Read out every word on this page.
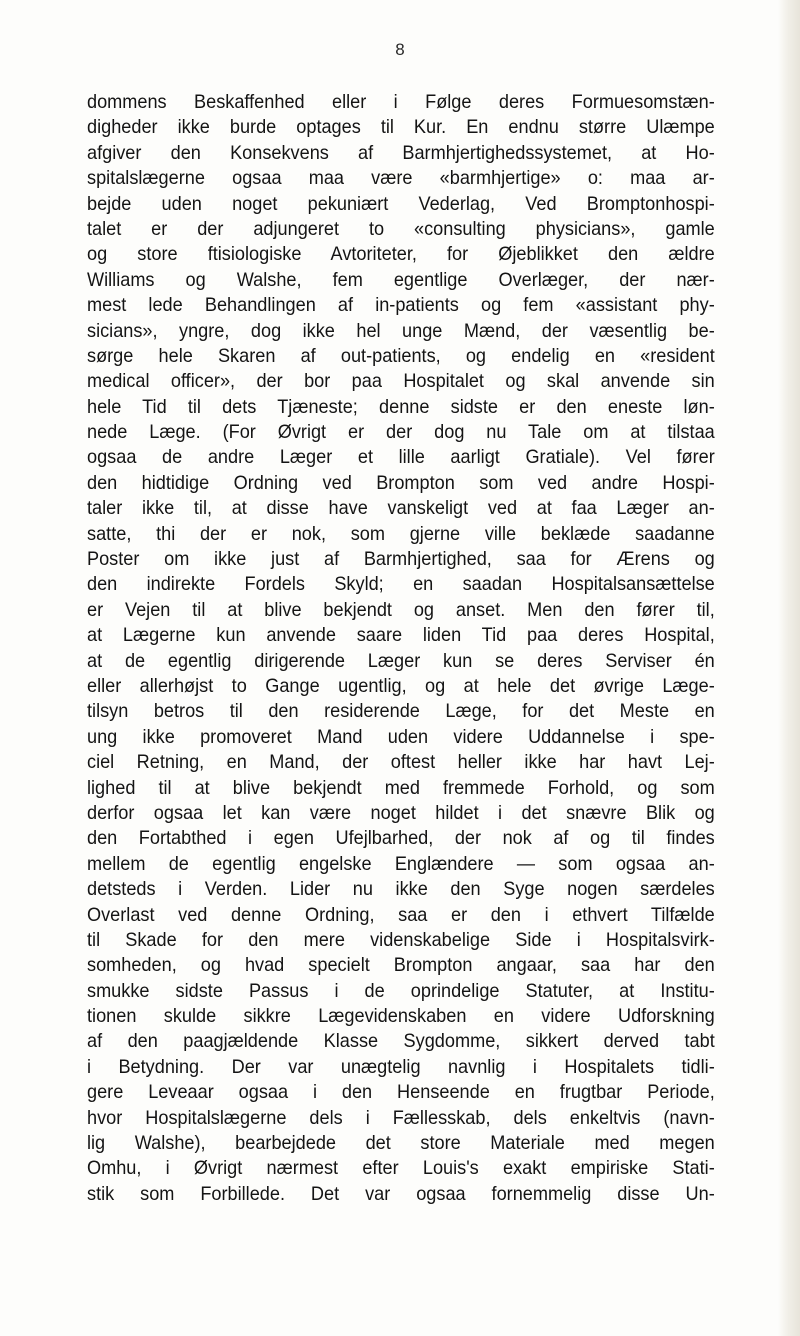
8
dommens Beskaffenhed eller i Følge deres Formuesomstæn-
digheder ikke burde optages til Kur. En endnu større Ulæmpe
afgiver den Konsekvens af Barmhjertighedssystemet, at Ho-
spitalslægerne ogsaa maa være «barmhjertige» o: maa ar-
bejde uden noget pekuniært Vederlag, Ved Bromptonhospi-
talet er der adjungeret to «consulting physicians», gamle
og store ftisiologiske Avtoriteter, for Øjeblikket den ældre
Williams og Walshe, fem egentlige Overlæger, der nær-
mest lede Behandlingen af in-patients og fem «assistant phy-
sicians», yngre, dog ikke hel unge Mænd, der væsentlig be-
sørge hele Skaren af out-patients, og endelig en «resident
medical officer», der bor paa Hospitalet og skal anvende sin
hele Tid til dets Tjæneste; denne sidste er den eneste løn-
nede Læge. (For Øvrigt er der dog nu Tale om at tilstaa
ogsaa de andre Læger et lille aarligt Gratiale). Vel fører
den hidtidige Ordning ved Brompton som ved andre Hospi-
taler ikke til, at disse have vanskeligt ved at faa Læger an-
satte, thi der er nok, som gjerne ville beklæde saadanne
Poster om ikke just af Barmhjertighed, saa for Ærens og
den indirekte Fordels Skyld; en saadan Hospitalsansættelse
er Vejen til at blive bekjendt og anset. Men den fører til,
at Lægerne kun anvende saare liden Tid paa deres Hospital,
at de egentlig dirigerende Læger kun se deres Serviser én
eller allerhøjst to Gange ugentlig, og at hele det øvrige Læge-
tilsyn betros til den residerende Læge, for det Meste en
ung ikke promoveret Mand uden videre Uddannelse i spe-
ciel Retning, en Mand, der oftest heller ikke har havt Lej-
lighed til at blive bekjendt med fremmede Forhold, og som
derfor ogsaa let kan være noget hildet i det snævre Blik og
den Fortabthed i egen Ufejlbarhed, der nok af og til findes
mellem de egentlig engelske Englændere — som ogsaa an-
detsteds i Verden. Lider nu ikke den Syge nogen særdeles
Overlast ved denne Ordning, saa er den i ethvert Tilfælde
til Skade for den mere videnskabelige Side i Hospitalsvirk-
somheden, og hvad specielt Brompton angaar, saa har den
smukke sidste Passus i de oprindelige Statuter, at Institu-
tionen skulde sikkre Lægevidenskaben en videre Udforskning
af den paagjældende Klasse Sygdomme, sikkert derved tabt
i Betydning. Der var unægtelig navnlig i Hospitalets tidli-
gere Leveaar ogsaa i den Henseende en frugtbar Periode,
hvor Hospitalslægerne dels i Fællesskab, dels enkeltvis (navn-
lig Walshe), bearbejdede det store Materiale med megen
Omhu, i Øvrigt nærmest efter Louis's exakt empiriske Stati-
stik som Forbillede. Det var ogsaa fornemmelig disse Un-
